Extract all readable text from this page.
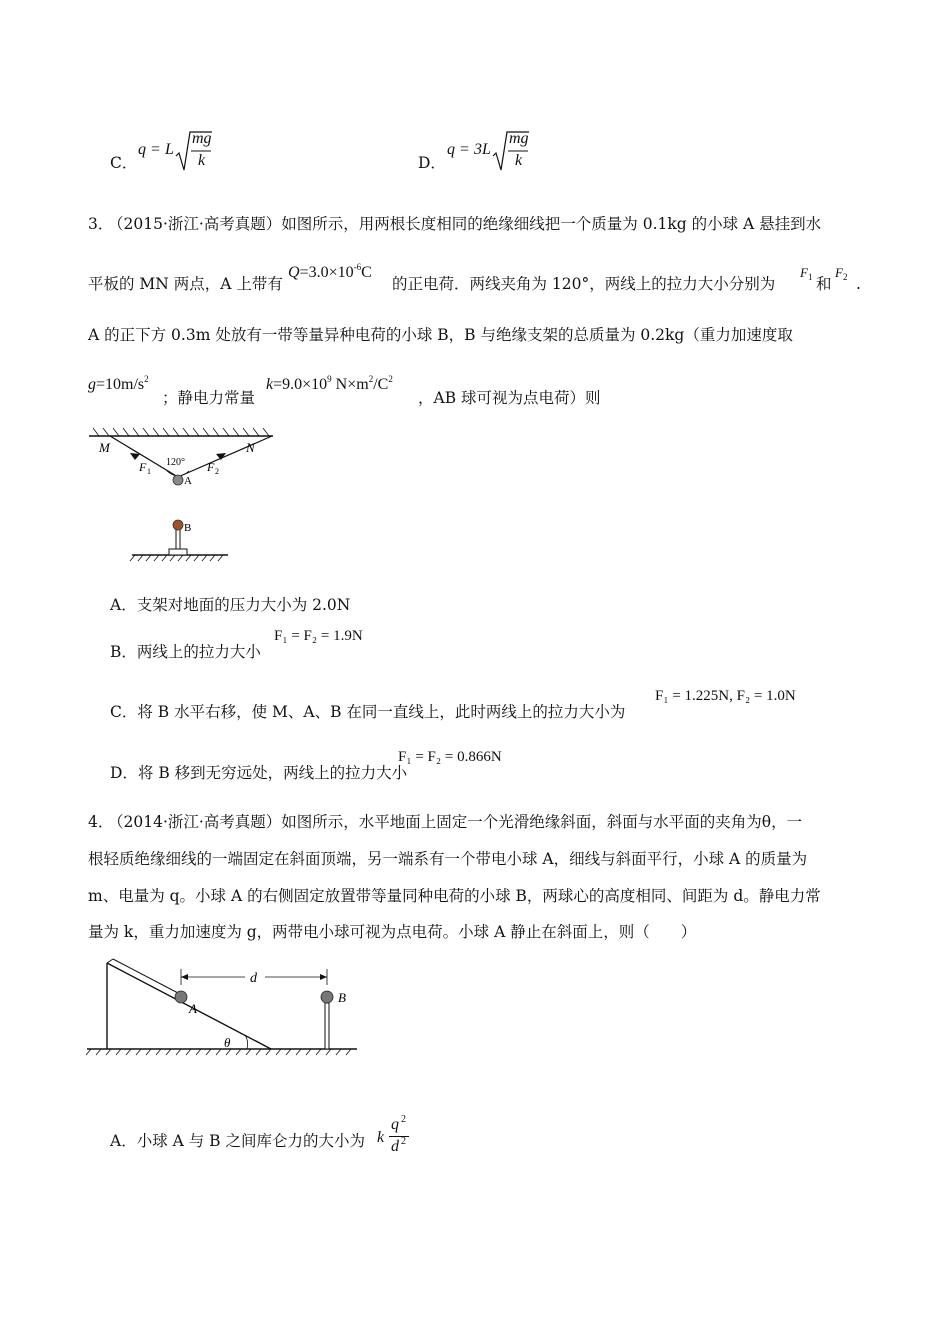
C．
q = L
mg
k	D．
q = 3L
mg
k
3．
（2015·浙江·高考真题）如图所示，用两根长度相同的绝缘细线把一个质量为 0.1kg 的小球 A 悬挂到水
平板的 MN 两点，A 上带有
$Q=3.0\times 10^{-6}C$
的正电荷．两线夹角为 120°，两线上的拉力大小分别为
F1 和
F2 .
A 的正下方 0.3m 处放有一带等量异种电荷的小球 B，B 与绝缘支架的总质量为 0.2kg（重力加速度取
$g=10m/s^2$
；静电力常量
$k=9.0\times 10^9$ $N\times m^2/C^2$
，AB 球可视为点电荷）则
M	N
120°
F 1	F 2
A
B
A．支架对地面的压力大小为 2.0N
B．两线上的拉力大小
F₁ = F₂ = 1.9N
C．将 B 水平右移，使 M、A、B 在同一直线上，此时两线上的拉力大小为
F₁ = 1.225N, F₂ = 1.0N
D．将 B 移到无穷远处，两线上的拉力大小
F₁ = F₂ = 0.866N
4．
（2014·浙江·高考真题）如图所示，水平地面上固定一个光滑绝缘斜面，斜面与水平面的夹角为θ，一
根轻质绝缘细线的一端固定在斜面顶端，另一端系有一个带电小球 A，细线与斜面平行，小球 A 的质量为
m、电量为 q。小球 A 的右侧固定放置带等量同种电荷的小球 B，两球心的高度相同、间距为 d。静电力常
量为 k，重力加速度为 g，两带电小球可视为点电荷。小球 A 静止在斜面上，则（　　）
d
A
B
θ
A．小球 A 与 B 之间库仑力的大小为 k
q 2
d 2
